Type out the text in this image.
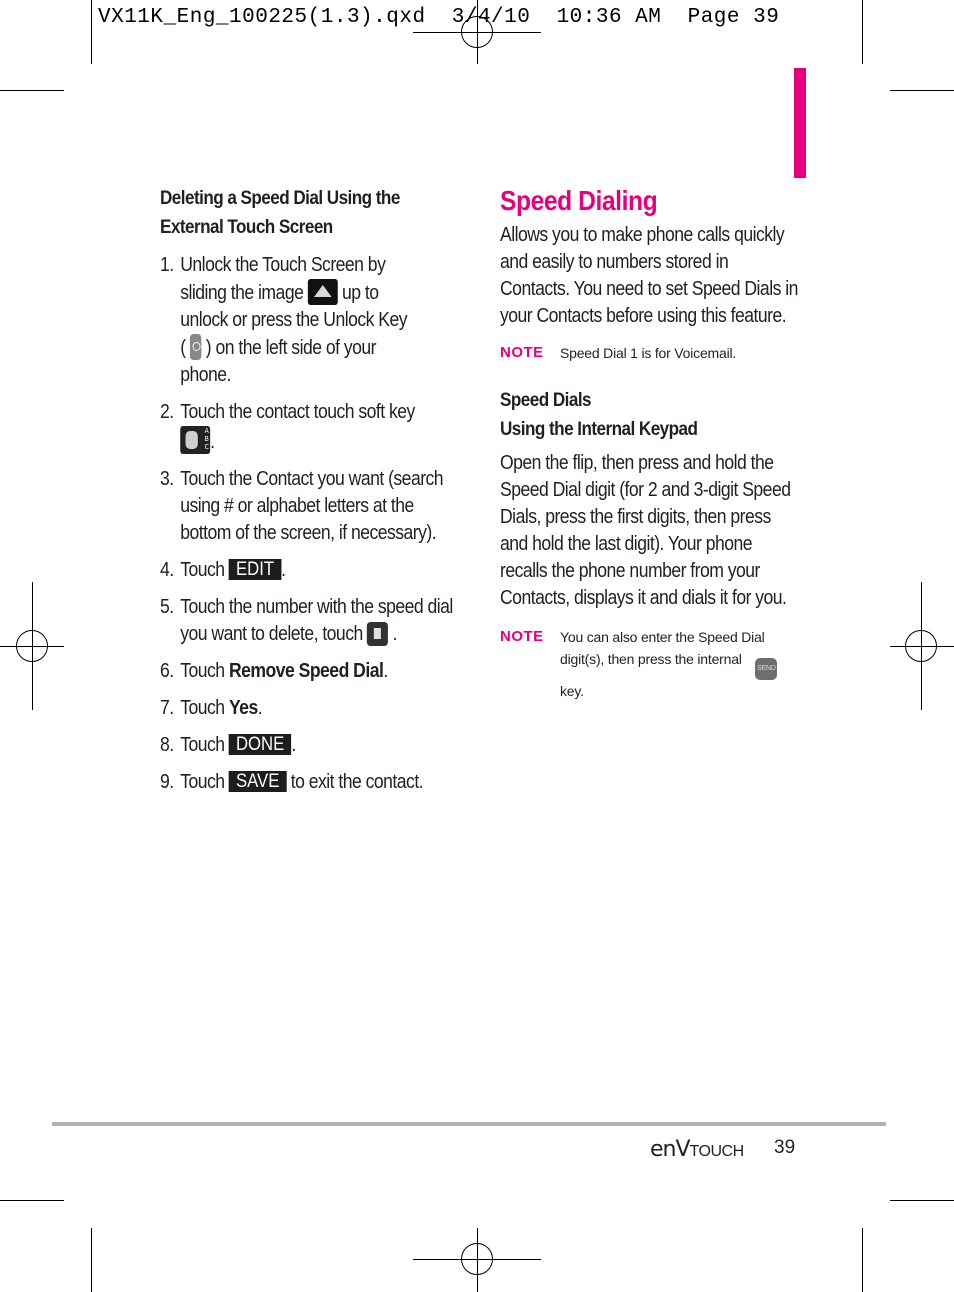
VX11K_Eng_100225(1.3).qxd  3/4/10  10:36 AM  Page 39
Deleting a Speed Dial Using the
External Touch Screen
1. Unlock the Touch Screen by
sliding the image up to
unlock or press the Unlock Key
( ) on the left side of your
phone.
2. Touch the contact touch soft key

A
B
C .
3. Touch the Contact you want (search using # or alphabet letters at the bottom of the screen, if necessary).
4. Touch EDIT .
5. Touch the number with the speed dial you want to delete, touch .
6. Touch Remove Speed Dial.
7. Touch Yes.
8. Touch DONE .
9. Touch SAVE to exit the contact.
Speed Dialing
Allows you to make phone calls quickly and easily to numbers stored in Contacts. You need to set Speed Dials in your Contacts before using this feature.
NOTE Speed Dial 1 is for Voicemail.
Speed Dials
Using the Internal Keypad
Open the flip, then press and hold the Speed Dial digit (for 2 and 3-digit Speed Dials, press the first digits, then press and hold the last digit). Your phone recalls the phone number from your Contacts, displays it and dials it for you.
NOTE You can also enter the Speed Dial digit(s), then press the internal SEND
key.
enVTOUCH 39
